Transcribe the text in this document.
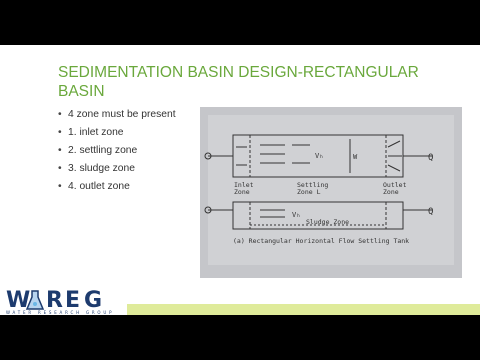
SEDIMENTATION BASIN DESIGN-RECTANGULAR BASIN
• 4 zone must be present
• 1. inlet zone
• 2. settling zone
• 3. sludge zone
• 4. outlet zone
Q
Vₕ	W
Inlet
Zone
Settling
Zone L
Outlet
Zone
Q
Vₕ
Sludge Zone
(a) Rectangular Horizontal Flow Settling Tank
W R E G
WATER RESEARCH GROUP
